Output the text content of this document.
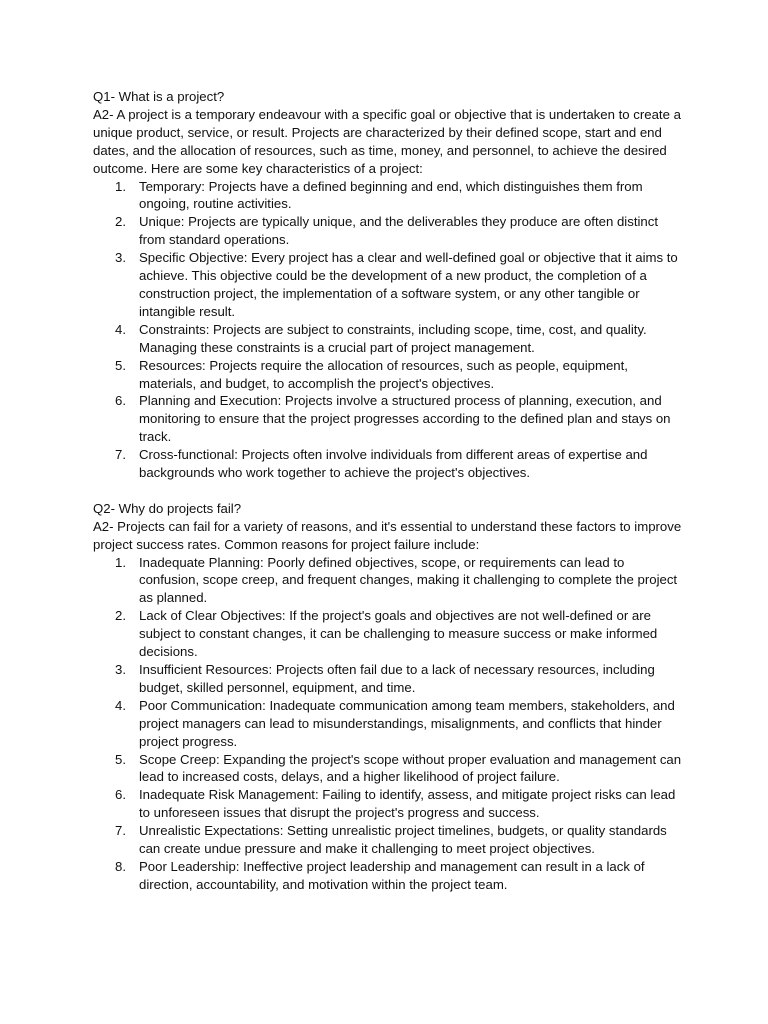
Q1- What is a project?

A2- A project is a temporary endeavour with a specific goal or objective that is undertaken to create a unique product, service, or result. Projects are characterized by their defined scope, start and end dates, and the allocation of resources, such as time, money, and personnel, to achieve the desired outcome. Here are some key characteristics of a project:

1. Temporary: Projects have a defined beginning and end, which distinguishes them from ongoing, routine activities.
2. Unique: Projects are typically unique, and the deliverables they produce are often distinct from standard operations.
3. Specific Objective: Every project has a clear and well-defined goal or objective that it aims to achieve. This objective could be the development of a new product, the completion of a construction project, the implementation of a software system, or any other tangible or intangible result.
4. Constraints: Projects are subject to constraints, including scope, time, cost, and quality. Managing these constraints is a crucial part of project management.
5. Resources: Projects require the allocation of resources, such as people, equipment, materials, and budget, to accomplish the project's objectives.
6. Planning and Execution: Projects involve a structured process of planning, execution, and monitoring to ensure that the project progresses according to the defined plan and stays on track.
7. Cross-functional: Projects often involve individuals from different areas of expertise and backgrounds who work together to achieve the project's objectives.

Q2- Why do projects fail?

A2- Projects can fail for a variety of reasons, and it's essential to understand these factors to improve project success rates. Common reasons for project failure include:

1. Inadequate Planning: Poorly defined objectives, scope, or requirements can lead to confusion, scope creep, and frequent changes, making it challenging to complete the project as planned.
2. Lack of Clear Objectives: If the project's goals and objectives are not well-defined or are subject to constant changes, it can be challenging to measure success or make informed decisions.
3. Insufficient Resources: Projects often fail due to a lack of necessary resources, including budget, skilled personnel, equipment, and time.
4. Poor Communication: Inadequate communication among team members, stakeholders, and project managers can lead to misunderstandings, misalignments, and conflicts that hinder project progress.
5. Scope Creep: Expanding the project's scope without proper evaluation and management can lead to increased costs, delays, and a higher likelihood of project failure.
6. Inadequate Risk Management: Failing to identify, assess, and mitigate project risks can lead to unforeseen issues that disrupt the project's progress and success.
7. Unrealistic Expectations: Setting unrealistic project timelines, budgets, or quality standards can create undue pressure and make it challenging to meet project objectives.
8. Poor Leadership: Ineffective project leadership and management can result in a lack of direction, accountability, and motivation within the project team.
